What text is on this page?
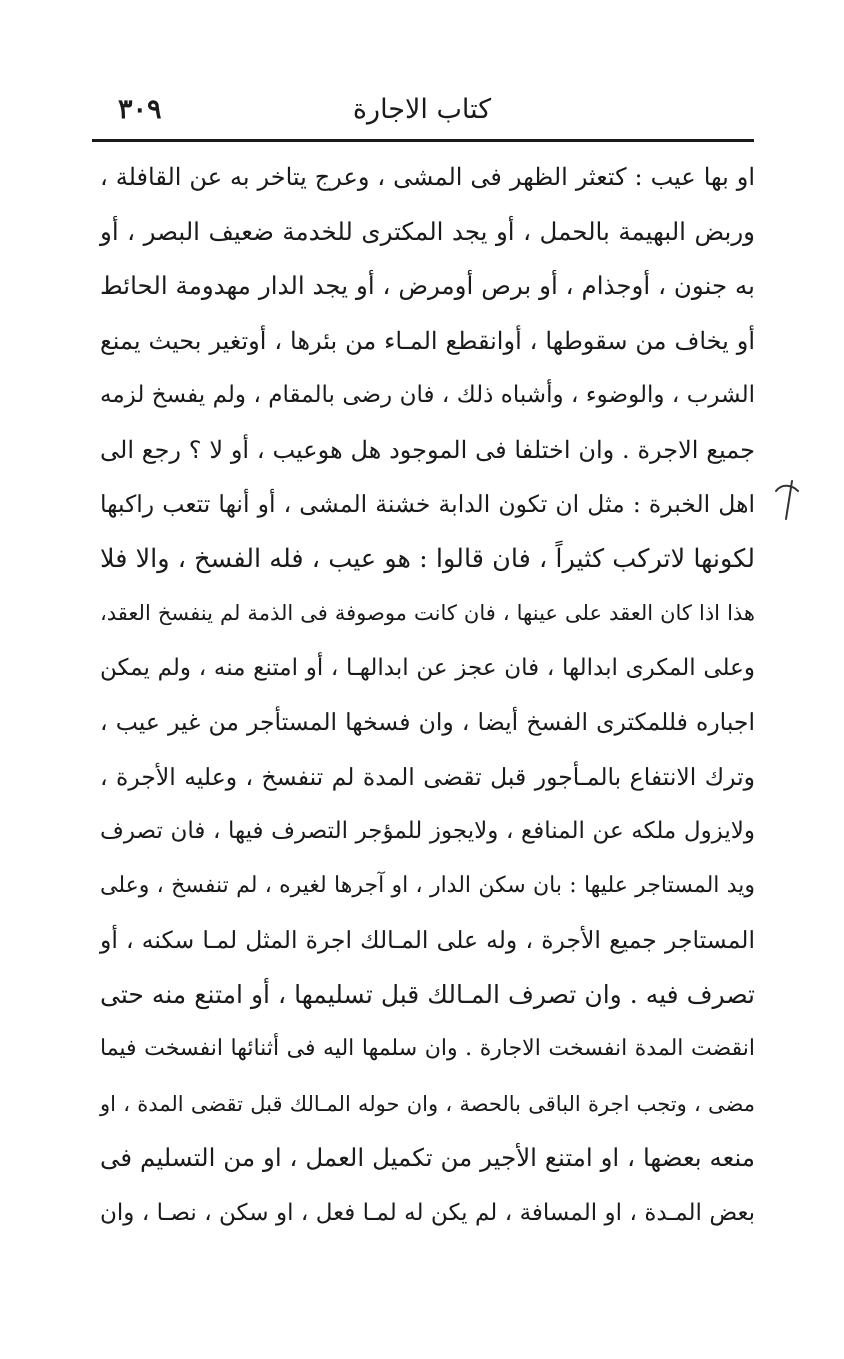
كتاب الاجارة
٣٠٩
او بها عيب : كتعثر الظهر فى المشى ، وعرج يتاخر به عن القافلة ،
وربض البهيمة بالحمل ، أو يجد المكترى للخدمة ضعيف البصر ، أو
به جنون ، أوجذام ، أو برص أومرض ، أو يجد الدار مهدومة الحائط
أو يخاف من سقوطها ، أوانقطع المـاء من بئرها ، أوتغير بحيث يمنع
الشرب ، والوضوء ، وأشباه ذلك ، فان رضى بالمقام ، ولم يفسخ لزمه
جميع الاجرة . وان اختلفا فى الموجود هل هوعيب ، أو لا ؟ رجع الى
اهل الخبرة : مثل ان تكون الدابة خشنة المشى ، أو أنها تتعب راكبها
لكونها لاتركب كثيراً ، فان قالوا : هو عيب ، فله الفسخ ، والا فلا
هذا اذا كان العقد على عينها ، فان كانت موصوفة فى الذمة لم ينفسخ العقد،
وعلى المكرى ابدالها ، فان عجز عن ابدالهـا ، أو امتنع منه ، ولم يمكن
اجباره فللمكترى الفسخ أيضا ، وان فسخها المستأجر من غير عيب ،
وترك الانتفاع بالمـأجور قبل تقضى المدة لم تنفسخ ، وعليه الأجرة ،
ولايزول ملكه عن المنافع ، ولايجوز للمؤجر التصرف فيها ، فان تصرف
ويد المستاجر عليها : بان سكن الدار ، او آجرها لغيره ، لم تنفسخ ، وعلى
المستاجر جميع الأجرة ، وله على المـالك اجرة المثل لمـا سكنه ، أو
تصرف فيه . وان تصرف المـالك قبل تسليمها ، أو امتنع منه حتى
انقضت المدة انفسخت الاجارة . وان سلمها اليه فى أثنائها انفسخت فيما
مضى ، وتجب اجرة الباقى بالحصة ، وان حوله المـالك قبل تقضى المدة ، او
منعه بعضها ، او امتنع الأجير من تكميل العمل ، او من التسليم فى
بعض المـدة ، او المسافة ، لم يكن له لمـا فعل ، او سكن ، نصـا ، وان
